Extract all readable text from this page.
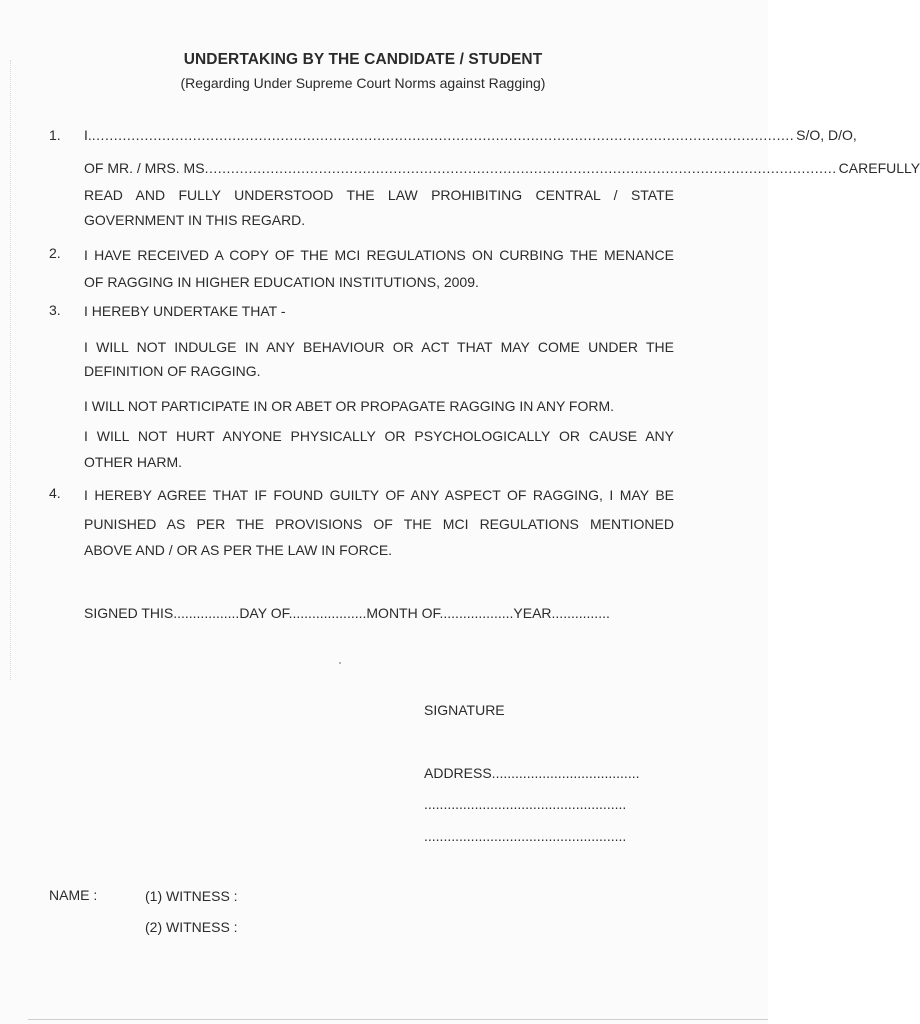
UNDERTAKING BY THE CANDIDATE / STUDENT
(Regarding Under Supreme Court Norms against Ragging)
1. I. ................................................................................................................................................................ S/O, D/O,
OF MR. / MRS. MS ................................................................................................................................................ CAREFULLY
READ AND FULLY UNDERSTOOD THE LAW PROHIBITING CENTRAL / STATE
GOVERNMENT IN THIS REGARD.
2. I HAVE RECEIVED A COPY OF THE MCI REGULATIONS ON CURBING THE MENANCE
OF RAGGING IN HIGHER EDUCATION INSTITUTIONS, 2009.
3. I HEREBY UNDERTAKE THAT -
I WILL NOT INDULGE IN ANY BEHAVIOUR OR ACT THAT MAY COME UNDER THE
DEFINITION OF RAGGING.
I WILL NOT PARTICIPATE IN OR ABET OR PROPAGATE RAGGING IN ANY FORM.
I WILL NOT HURT ANYONE PHYSICALLY OR PSYCHOLOGICALLY OR CAUSE ANY
OTHER HARM.
4. I HEREBY AGREE THAT IF FOUND GUILTY OF ANY ASPECT OF RAGGING, I MAY BE
PUNISHED AS PER THE PROVISIONS OF THE MCI REGULATIONS MENTIONED
ABOVE AND / OR AS PER THE LAW IN FORCE.
SIGNED THIS.................DAY OF....................MONTH OF...................YEAR...............
SIGNATURE
ADDRESS......................................
....................................................
....................................................
NAME :	(1) WITNESS :
(2) WITNESS :
